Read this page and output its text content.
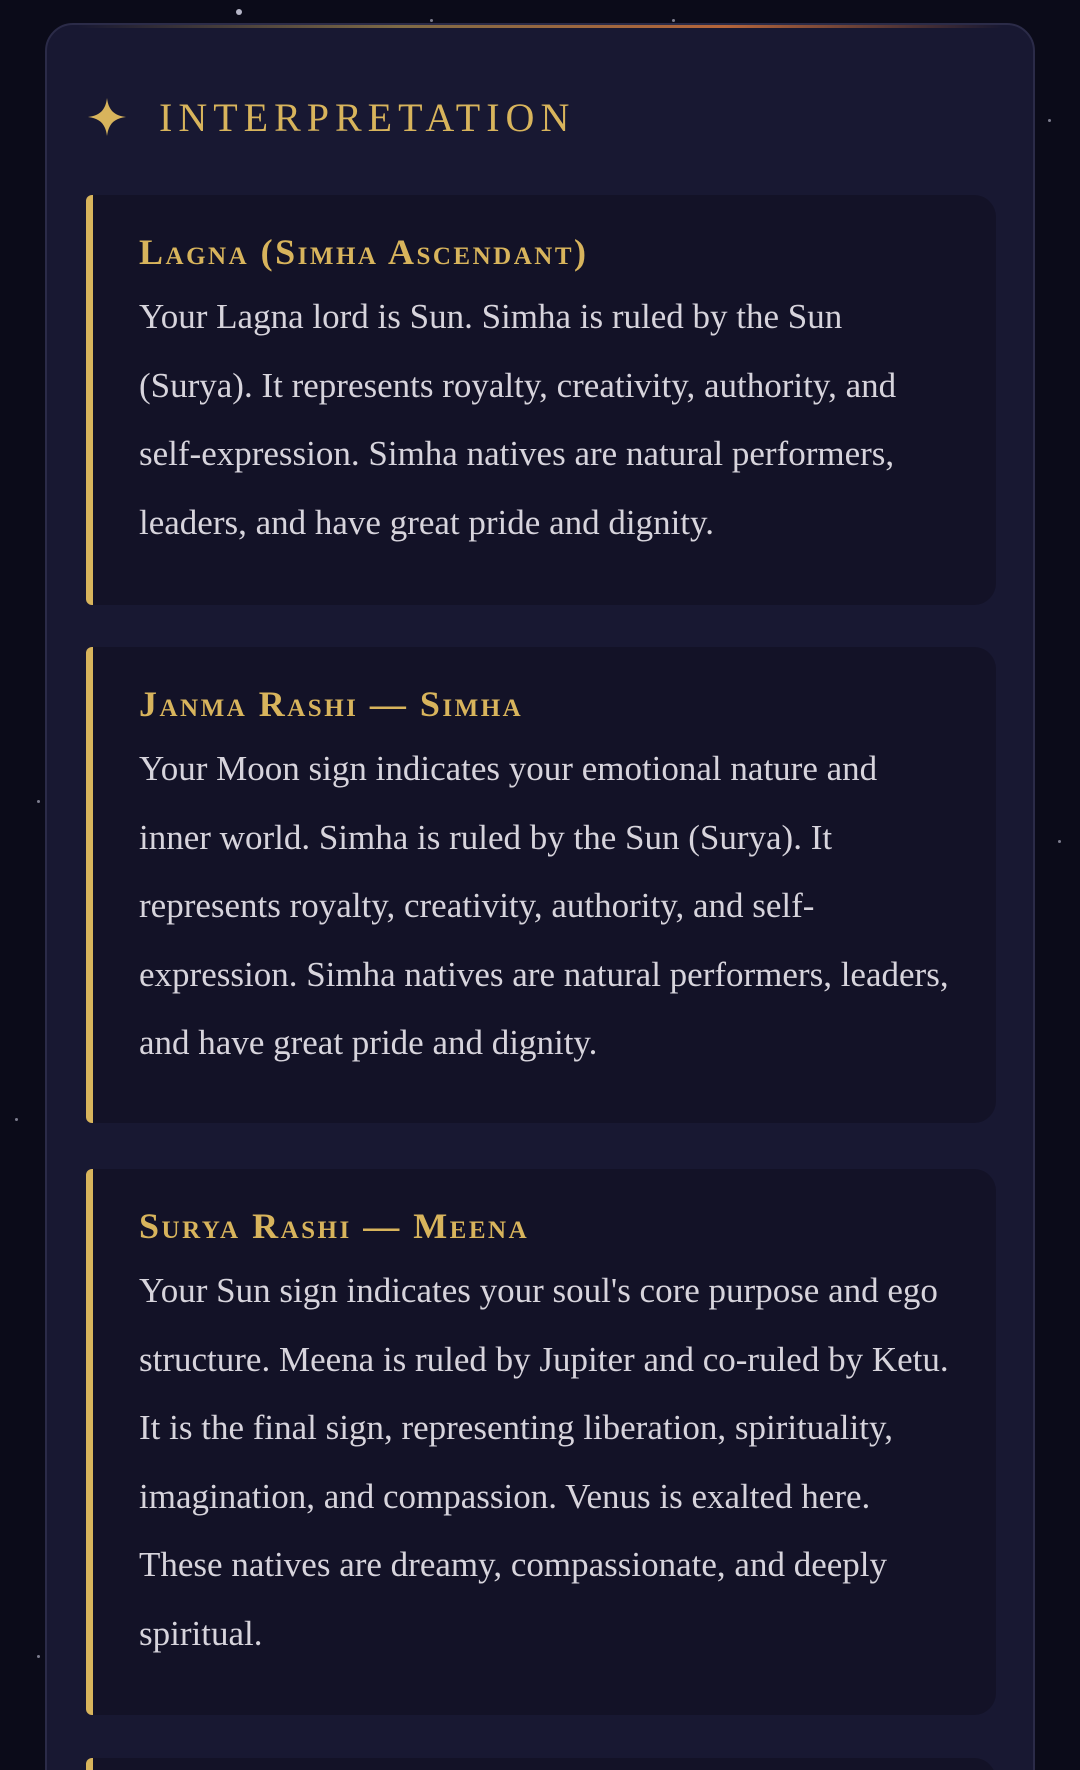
INTERPRETATION
Lagna (Simha Ascendant)

Your Lagna lord is Sun. Simha is ruled by the Sun (Surya). It represents royalty, creativity, authority, and self-expression. Simha natives are natural performers, leaders, and have great pride and dignity.

Janma Rashi — Simha

Your Moon sign indicates your emotional nature and inner world. Simha is ruled by the Sun (Surya). It represents royalty, creativity, authority, and self-expression. Simha natives are natural performers, leaders, and have great pride and dignity.

Surya Rashi — Meena

Your Sun sign indicates your soul's core purpose and ego structure. Meena is ruled by Jupiter and co-ruled by Ketu. It is the final sign, representing liberation, spirituality, imagination, and compassion. Venus is exalted here. These natives are dreamy, compassionate, and deeply spiritual.
